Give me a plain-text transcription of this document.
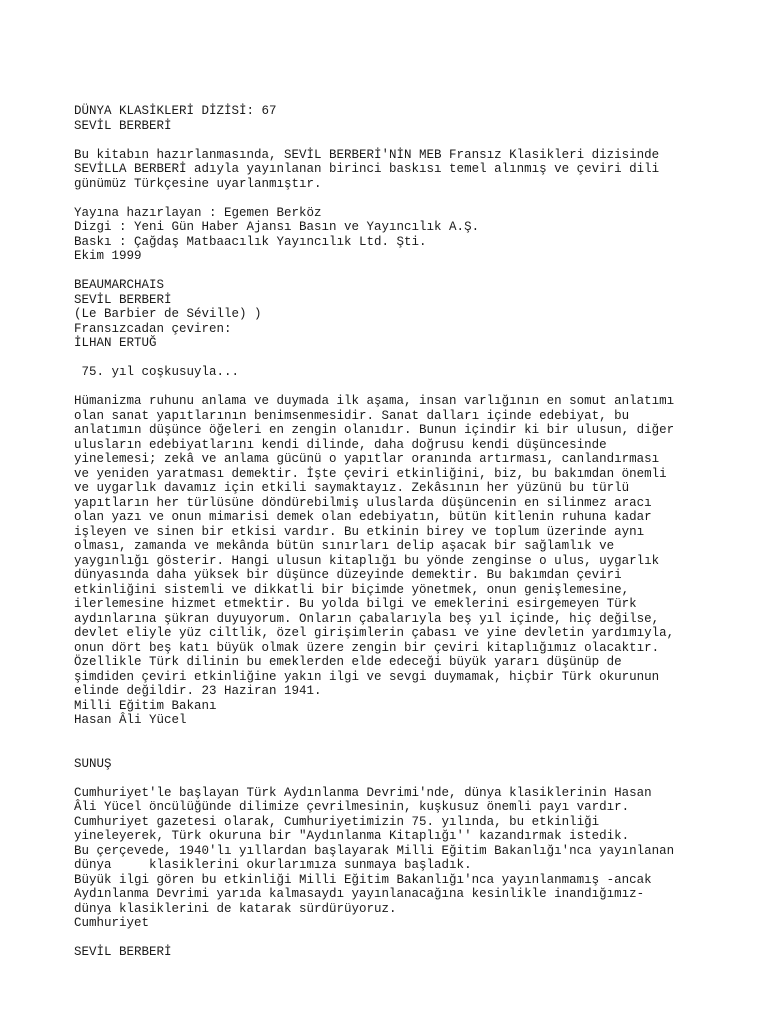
DÜNYA KLASİKLERİ DİZİSİ: 67
SEVİL BERBERİ
Bu kitabın hazırlanmasında, SEVİL BERBERİ'NİN MEB Fransız Klasikleri dizisinde
SEVİLLA BERBERİ adıyla yayınlanan birinci baskısı temel alınmış ve çeviri dili
günümüz Türkçesine uyarlanmıştır.
Yayına hazırlayan : Egemen Berköz
Dizgi : Yeni Gün Haber Ajansı Basın ve Yayıncılık A.Ş.
Baskı : Çağdaş Matbaacılık Yayıncılık Ltd. Şti.
Ekim 1999
BEAUMARCHAIS
SEVİL BERBERİ
(Le Barbier de Séville) )
Fransızcadan çeviren:
İLHAN ERTUĞ
75. yıl coşkusuyla...
Hümanizma ruhunu anlama ve duymada ilk aşama, insan varlığının en somut anlatımı
olan sanat yapıtlarının benimsenmesidir. Sanat dalları içinde edebiyat, bu
anlatımın düşünce öğeleri en zengin olanıdır. Bunun içindir ki bir ulusun, diğer
ulusların edebiyatlarını kendi dilinde, daha doğrusu kendi düşüncesinde
yinelemesi; zekâ ve anlama gücünü o yapıtlar oranında artırması, canlandırması
ve yeniden yaratması demektir. İşte çeviri etkinliğini, biz, bu bakımdan önemli
ve uygarlık davamız için etkili saymaktayız. Zekâsının her yüzünü bu türlü
yapıtların her türlüsüne döndürebilmiş uluslarda düşüncenin en silinmez aracı
olan yazı ve onun mimarisi demek olan edebiyatın, bütün kitlenin ruhuna kadar
işleyen ve sinen bir etkisi vardır. Bu etkinin birey ve toplum üzerinde aynı
olması, zamanda ve mekânda bütün sınırları delip aşacak bir sağlamlık ve
yaygınlığı gösterir. Hangi ulusun kitaplığı bu yönde zenginse o ulus, uygarlık
dünyasında daha yüksek bir düşünce düzeyinde demektir. Bu bakımdan çeviri
etkinliğini sistemli ve dikkatli bir biçimde yönetmek, onun genişlemesine,
ilerlemesine hizmet etmektir. Bu yolda bilgi ve emeklerini esirgemeyen Türk
aydınlarına şükran duyuyorum. Onların çabalarıyla beş yıl içinde, hiç değilse,
devlet eliyle yüz ciltlik, özel girişimlerin çabası ve yine devletin yardımıyla,
onun dört beş katı büyük olmak üzere zengin bir çeviri kitaplığımız olacaktır.
Özellikle Türk dilinin bu emeklerden elde edeceği büyük yararı düşünüp de
şimdiden çeviri etkinliğine yakın ilgi ve sevgi duymamak, hiçbir Türk okurunun
elinde değildir. 23 Haziran 1941.
Milli Eğitim Bakanı
Hasan Âli Yücel
SUNUŞ
Cumhuriyet'le başlayan Türk Aydınlanma Devrimi'nde, dünya klasiklerinin Hasan
Âli Yücel öncülüğünde dilimize çevrilmesinin, kuşkusuz önemli payı vardır.
Cumhuriyet gazetesi olarak, Cumhuriyetimizin 75. yılında, bu etkinliği
yineleyerek, Türk okuruna bir "Aydınlanma Kitaplığı'' kazandırmak istedik.
Bu çerçevede, 1940'lı yıllardan başlayarak Milli Eğitim Bakanlığı'nca yayınlanan
dünya     klasiklerini okurlarımıza sunmaya başladık.
Büyük ilgi gören bu etkinliği Milli Eğitim Bakanlığı'nca yayınlanmamış -ancak
Aydınlanma Devrimi yarıda kalmasaydı yayınlanacağına kesinlikle inandığımız-
dünya klasiklerini de katarak sürdürüyoruz.
Cumhuriyet
SEVİL BERBERİ
